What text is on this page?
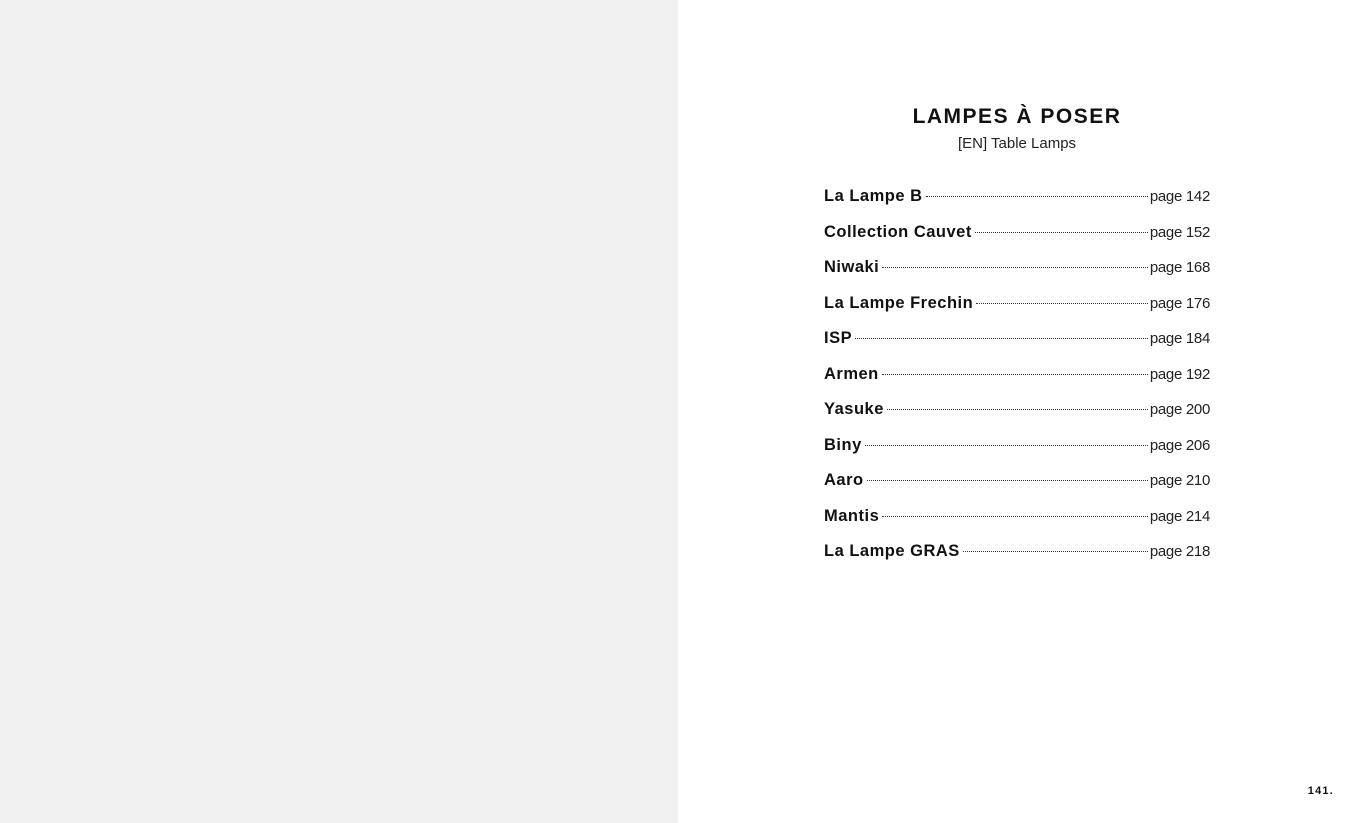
LAMPES À POSER
[EN] Table Lamps
La Lampe B	page 142
Collection Cauvet	page 152
Niwaki	page 168
La Lampe Frechin	page 176
ISP	page 184
Armen	page 192
Yasuke	page 200
Biny	page 206
Aaro	page 210
Mantis	page 214
La Lampe GRAS	page 218
141.
